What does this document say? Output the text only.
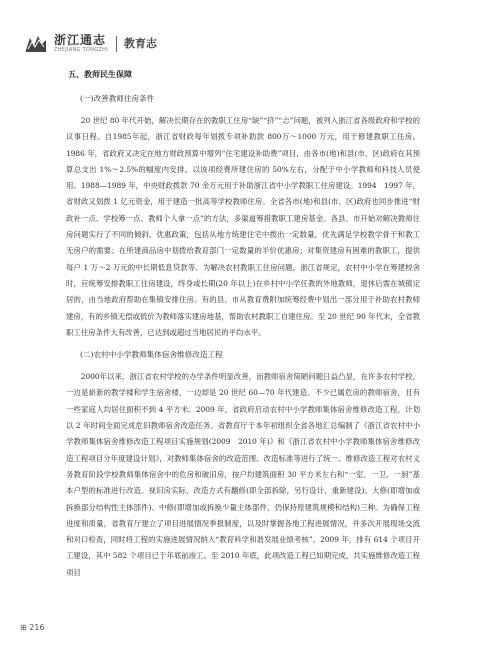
浙江通志
ZHEJIANG TONGZHI 教育志
五、教师民生保障
(一)改善教师住房条件

20 世纪 80 年代开始，解决长期存在的教职工住房“缺”“挤”“忐”问题，被列入浙江省各级政府和学校的议事日程。自1985年起，浙江省财政每年划拨专项补助款 800万～1000 万元，用于修建教职工住房。1986 年，省政府又决定在地方财政预算中增列“住宅建设补助费”项目，由各市(地)和县(市、区)政府在其预算总支出 1%～2.5%的幅度内安排。以该项经费所建住房的 50%左右，分配于中小学教师和科技人员使用。1988—1989 年，中央财政拨款 70 余万元用于补助浙江省中小学教职工住房建设。1994　1997 年，省财政又划拨 1 亿元资金，用于建造一批高等学校教师住房。全省各市(地)和县(市、区)政府也同步推进“财政补一点、学校筹一点、教师个人拿一点”的方法，多渠道筹措教职工建房基金。各县、市开始对解决教师住房问题实行了不同的倾斜、优惠政策，包括从地方统建住宅中拨出一定数量，优先满足学校教学骨干和教工无房户的需要；在所建商品房中划拨给教育部门一定数量的半价优惠房；对集资建房有困难的教职工，提供每户 1 万～2 万元的中长期低息贷款等。为解决农村教职工住房问题，浙江省规定，农村中小学在筹建校舍时，应统筹安排教职工住房建设，终身或长期(20 年以上)在乡村中小学任教的外地教师，退休后需在城镇定居的，由当地政府帮助在集镇安排住房。有的县、市从教育费附加统筹经费中划出一部分用于补助农村教师建房，有的乡镇无偿或低价为教师落实建房地基，帮助农村教职工自建住房。至 20 世纪 90 年代末，全省教职工住房条件大有改善，已达到或超过当地居民的平均水平。

(二)农村中小学教师集体宿舍维修改造工程

2000年以来，浙江省农村学校的办学条件明显改善，而教师宿舍简陋问题日益凸显，在许多农村学校，一边是崭新的教学楼和学生宿舍楼，一边却是 20 世纪 60—70 年代建造、不少已属危房的教师宿舍，且有一些家庭人均居住面积不到 4 平方米。2009 年，省政府启动农村中小学教师集体宿舍维修改造工程，计划以 2 年时间全面完成危旧教师宿舍改造任务。省教育厅于本年初组织全省各地汇总编制了《浙江省农村中小学教师集体宿舍维修改造工程项目实施规划(2009　2010 年)》和《浙江省农村中小学教师集体宿舍维修改造工程项目分年度建设计划》，对教师集体宿舍的改造范围、改造标准等进行了统一。维修改造工程对农村义务教育阶段学校教师集体宿舍中的危房和破旧房，按户均建筑面积 30 平方米左右和“一室、一卫、一厨”基本户型的标准进行改造。视旧房实际，改造方式有翻修(即全部拆除，另行设计、重新建设)、大修(即增加或拆换部分结构性主体部件)、中修(即增加或拆换少量主体部件，仍保持原建筑规模和结构)三种。为确保工程进度和质量，省教育厅建立了项目进展情况季报制度，以及时掌握各地工程进展情况，并多次开展现场交流和对口检查，同时将工程的实施进展情况纳入“教育科学和谐发展业绩考核”。2009 年，排有 614 个项目开工建设，其中 582 个项目已于年底前竣工。至 2010 年底，此项改造工程已如期完成，共实施维修改造工程项目

⊞ 216
